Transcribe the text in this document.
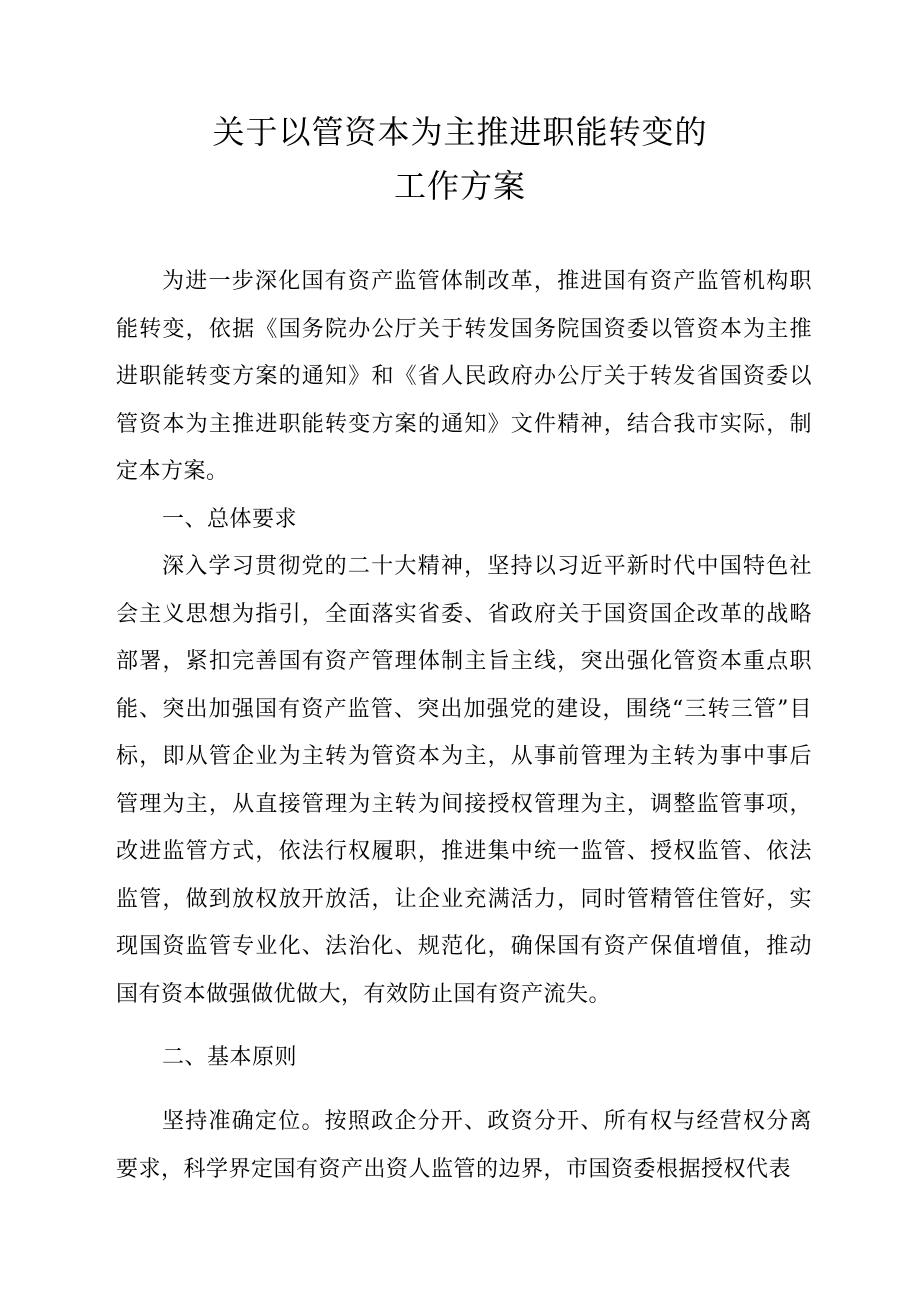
关于以管资本为主推进职能转变的
工作方案

为进一步深化国有资产监管体制改革，推进国有资产监管机构职能转变，依据《国务院办公厅关于转发国务院国资委以管资本为主推进职能转变方案的通知》和《省人民政府办公厅关于转发省国资委以管资本为主推进职能转变方案的通知》文件精神，结合我市实际，制定本方案。

一、总体要求

深入学习贯彻党的二十大精神，坚持以习近平新时代中国特色社会主义思想为指引，全面落实省委、省政府关于国资国企改革的战略部署，紧扣完善国有资产管理体制主旨主线，突出强化管资本重点职能、突出加强国有资产监管、突出加强党的建设，围绕“三转三管”目标，即从管企业为主转为管资本为主，从事前管理为主转为事中事后管理为主，从直接管理为主转为间接授权管理为主，调整监管事项，改进监管方式，依法行权履职，推进集中统一监管、授权监管、依法监管，做到放权放开放活，让企业充满活力，同时管精管住管好，实现国资监管专业化、法治化、规范化，确保国有资产保值增值，推动国有资本做强做优做大，有效防止国有资产流失。

二、基本原则

坚持准确定位。按照政企分开、政资分开、所有权与经营权分离要求，科学界定国有资产出资人监管的边界，市国资委根据授权代表
